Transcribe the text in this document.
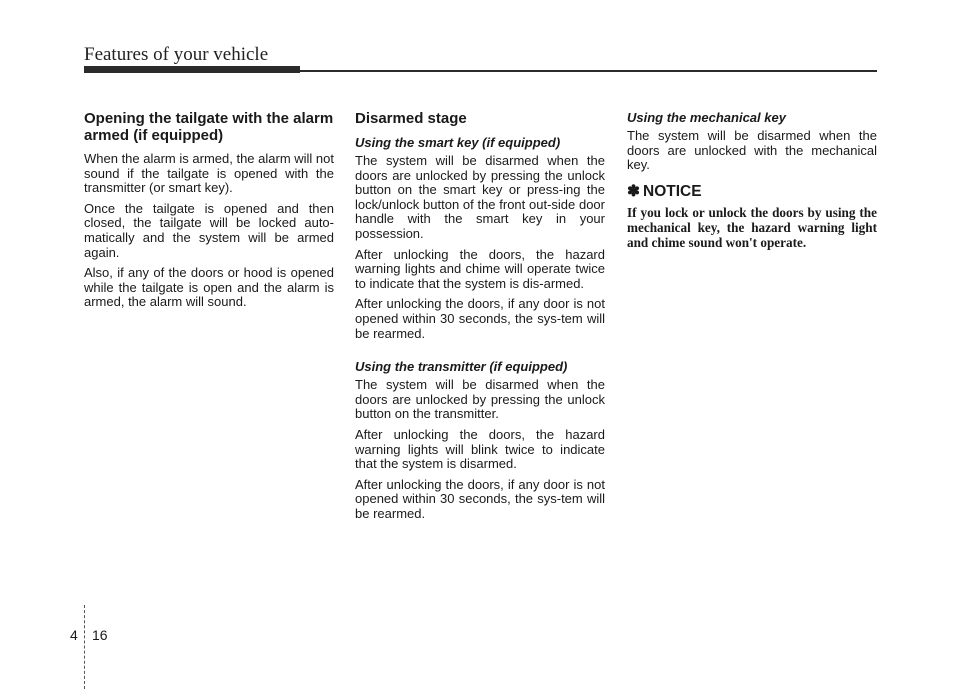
Features of your vehicle
Opening the tailgate with the alarm armed (if equipped)

When the alarm is armed, the alarm will not sound if the tailgate is opened with the transmitter (or smart key).

Once the tailgate is opened and then closed, the tailgate will be locked auto-matically and the system will be armed again.

Also, if any of the doors or hood is opened while the tailgate is open and the alarm is armed, the alarm will sound.

Disarmed stage
Using the smart key (if equipped)

The system will be disarmed when the doors are unlocked by pressing the unlock button on the smart key or press-ing the lock/unlock button of the front out-side door handle with the smart key in your possession.

After unlocking the doors, the hazard warning lights and chime will operate twice to indicate that the system is dis-armed.

After unlocking the doors, if any door is not opened within 30 seconds, the sys-tem will be rearmed.

Using the transmitter (if equipped)

The system will be disarmed when the doors are unlocked by pressing the unlock button on the transmitter.

After unlocking the doors, the hazard warning lights will blink twice to indicate that the system is disarmed.

After unlocking the doors, if any door is not opened within 30 seconds, the sys-tem will be rearmed.

Using the mechanical key

The system will be disarmed when the doors are unlocked with the mechanical key.

✽ NOTICE

If you lock or unlock the doors by using the mechanical key, the hazard warning light and chime sound won't operate.

4 16
